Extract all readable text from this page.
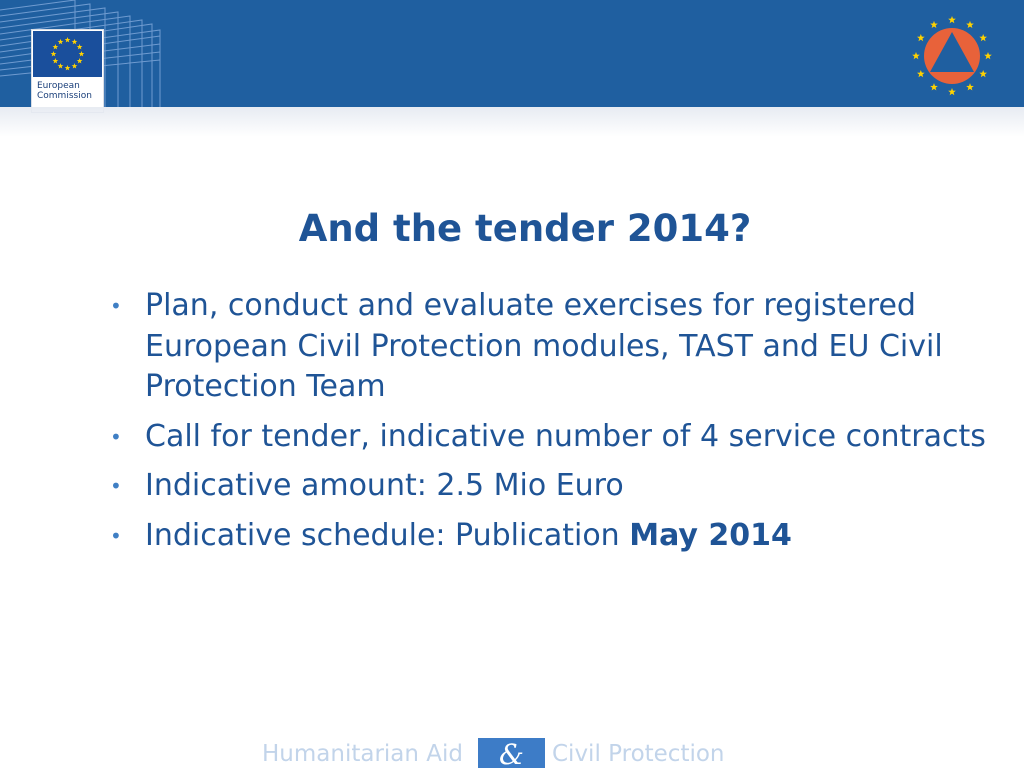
European
Commission
And the tender 2014?
• Plan, conduct and evaluate exercises for registered European Civil Protection modules, TAST and EU Civil Protection Team
• Call for tender, indicative number of 4 service contracts
• Indicative amount: 2.5 Mio Euro
• Indicative schedule: Publication May 2014
Humanitarian Aid	&	Civil Protection
